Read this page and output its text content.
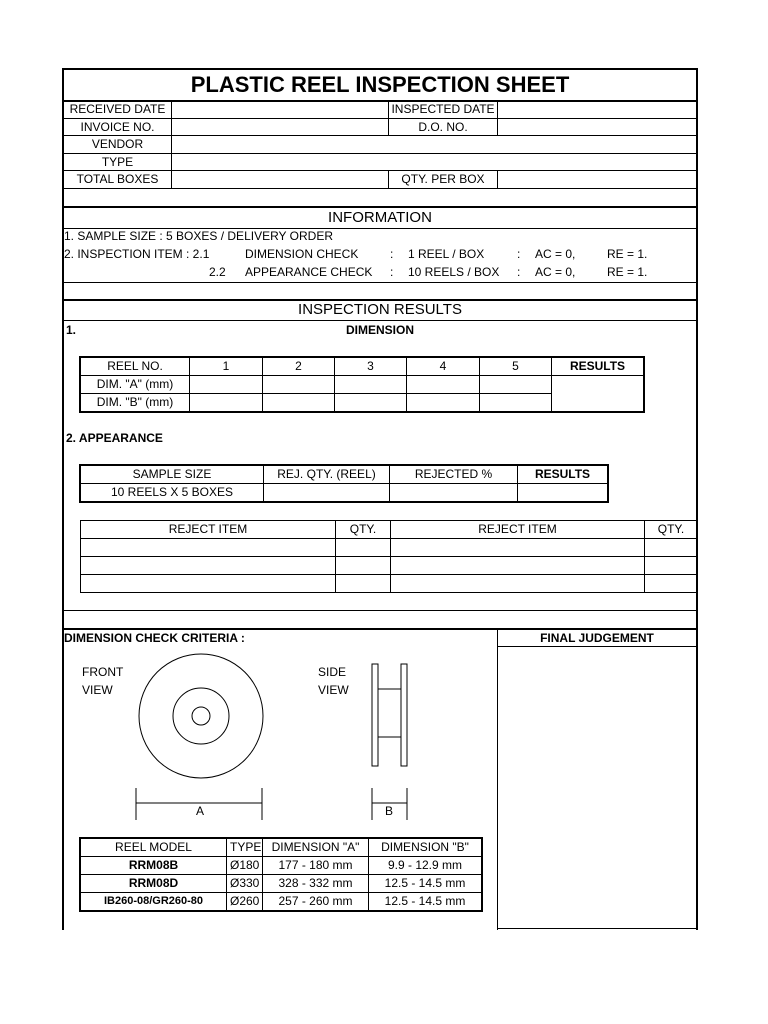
PLASTIC REEL INSPECTION SHEET
RECEIVED DATE	INSPECTED DATE
INVOICE NO.	D.O. NO.
VENDOR
TYPE
TOTAL BOXES	QTY. PER BOX
INFORMATION
1. SAMPLE SIZE : 5 BOXES / DELIVERY ORDER
2. INSPECTION ITEM : 2.1	DIMENSION CHECK	: 1 REEL / BOX	: AC = 0,	RE = 1.
2.2 APPEARANCE CHECK : 10 REELS / BOX : AC = 0,	RE = 1.
INSPECTION RESULTS
1.	DIMENSION
REEL NO.	1	2	3	4	5	RESULTS
DIM. "A" (mm)						
DIM. "B" (mm)						
2. APPEARANCE
SAMPLE SIZE	REJ. QTY. (REEL)	REJECTED %	RESULTS
10 REELS X 5 BOXES			
REJECT ITEM	QTY.	REJECT ITEM	QTY.

DIMENSION CHECK CRITERIA :	FINAL JUDGEMENT
FRONT
VIEW
SIDE
VIEW
A	B
REEL MODEL	TYPE	DIMENSION "A"	DIMENSION "B"
RRM08B	Ø180	177 - 180 mm	9.9 - 12.9 mm
RRM08D	Ø330	328 - 332 mm	12.5 - 14.5 mm
IB260-08/GR260-80	Ø260	257 - 260 mm	12.5 - 14.5 mm
